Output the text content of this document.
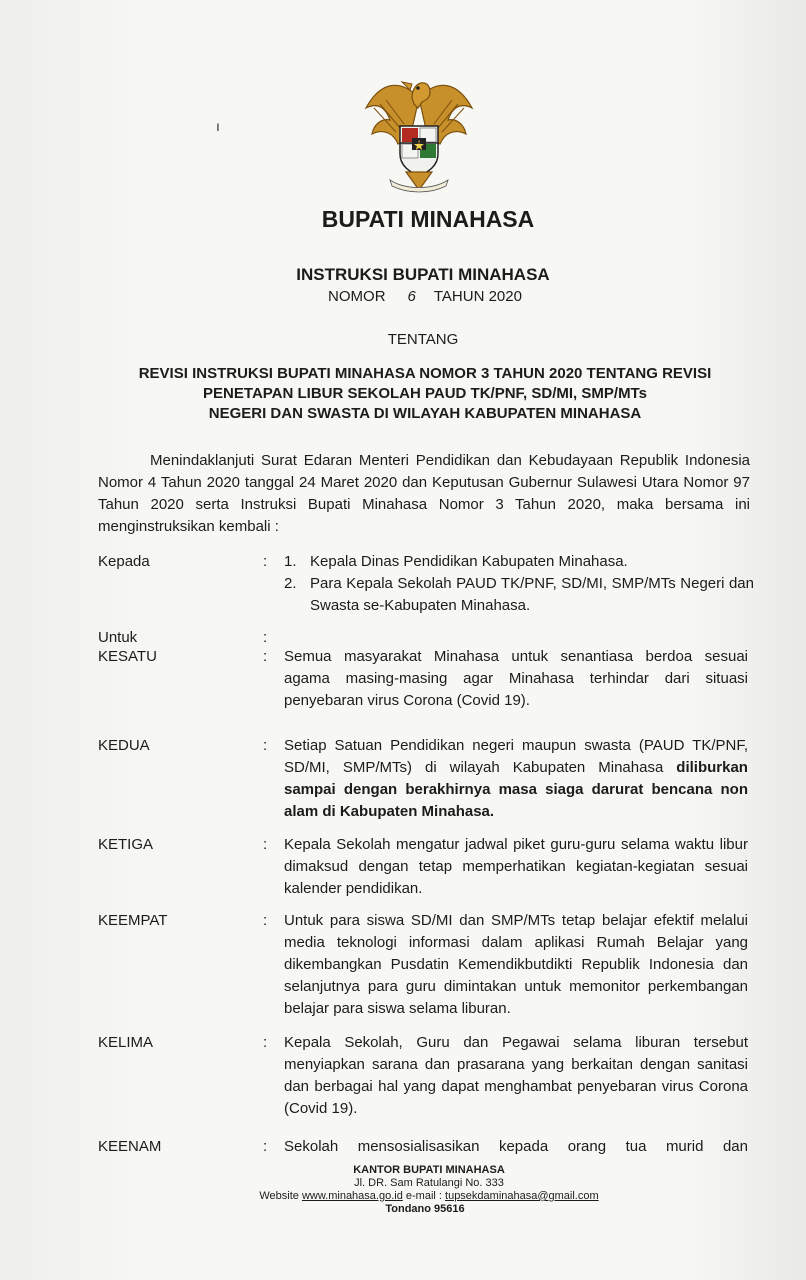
ı
BUPATI MINAHASA
INSTRUKSI BUPATI MINAHASA
NOMOR 6 TAHUN 2020
TENTANG
REVISI INSTRUKSI BUPATI MINAHASA NOMOR 3 TAHUN 2020 TENTANG REVISI
PENETAPAN LIBUR SEKOLAH PAUD TK/PNF, SD/MI, SMP/MTs
NEGERI DAN SWASTA DI WILAYAH KABUPATEN MINAHASA
Menindaklanjuti Surat Edaran Menteri Pendidikan dan Kebudayaan Republik Indonesia Nomor 4 Tahun 2020 tanggal 24 Maret 2020 dan Keputusan Gubernur Sulawesi Utara Nomor 97 Tahun 2020 serta Instruksi Bupati Minahasa Nomor 3 Tahun 2020, maka bersama ini menginstruksikan kembali :
Kepada	: 1. Kepala Dinas Pendidikan Kabupaten Minahasa.
2. Para Kepala Sekolah PAUD TK/PNF, SD/MI, SMP/MTs Negeri dan Swasta se-Kabupaten Minahasa.
Untuk	:
KESATU	: Semua masyarakat Minahasa untuk senantiasa berdoa sesuai agama masing-masing agar Minahasa terhindar dari situasi penyebaran virus Corona (Covid 19).
KEDUA	: Setiap Satuan Pendidikan negeri maupun swasta (PAUD TK/PNF, SD/MI, SMP/MTs) di wilayah Kabupaten Minahasa diliburkan sampai dengan berakhirnya masa siaga darurat bencana non alam di Kabupaten Minahasa.
KETIGA	: Kepala Sekolah mengatur jadwal piket guru-guru selama waktu libur dimaksud dengan tetap memperhatikan kegiatan-kegiatan sesuai kalender pendidikan.
KEEMPAT	: Untuk para siswa SD/MI dan SMP/MTs tetap belajar efektif melalui media teknologi informasi dalam aplikasi Rumah Belajar yang dikembangkan Pusdatin Kemendikbutdikti Republik Indonesia dan selanjutnya para guru dimintakan untuk memonitor perkembangan belajar para siswa selama liburan.
KELIMA	: Kepala Sekolah, Guru dan Pegawai selama liburan tersebut menyiapkan sarana dan prasarana yang berkaitan dengan sanitasi dan berbagai hal yang dapat menghambat penyebaran virus Corona (Covid 19).
KEENAM	: Sekolah mensosialisasikan kepada orang tua murid dan
KANTOR BUPATI MINAHASA
Jl. DR. Sam Ratulangi No. 333
Website www.minahasa.go.id e-mail : tupsekdaminahasa@gmail.com
Tondano 95616
